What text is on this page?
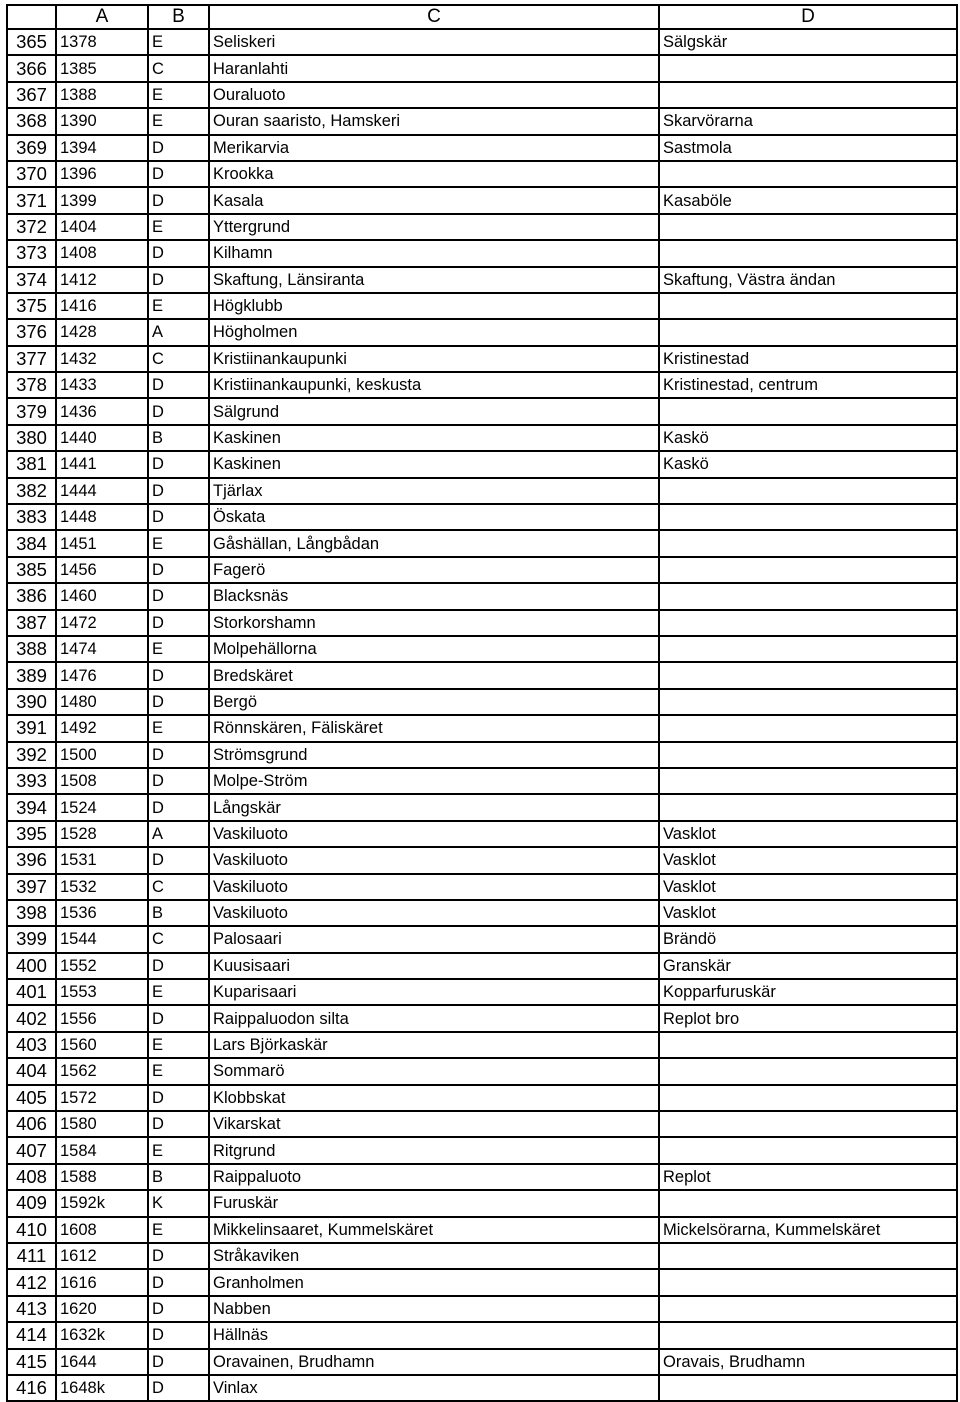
	A	B	C	D
365	1378	E	Seliskeri	Sälgskär
366	1385	C	Haranlahti	
367	1388	E	Ouraluoto	
368	1390	E	Ouran saaristo, Hamskeri	Skarvörarna
369	1394	D	Merikarvia	Sastmola
370	1396	D	Krookka	
371	1399	D	Kasala	Kasaböle
372	1404	E	Yttergrund	
373	1408	D	Kilhamn	
374	1412	D	Skaftung, Länsiranta	Skaftung, Västra ändan
375	1416	E	Högklubb	
376	1428	A	Högholmen	
377	1432	C	Kristiinankaupunki	Kristinestad
378	1433	D	Kristiinankaupunki, keskusta	Kristinestad, centrum
379	1436	D	Sälgrund	
380	1440	B	Kaskinen	Kaskö
381	1441	D	Kaskinen	Kaskö
382	1444	D	Tjärlax	
383	1448	D	Öskata	
384	1451	E	Gåshällan, Långbådan	
385	1456	D	Fagerö	
386	1460	D	Blacksnäs	
387	1472	D	Storkorshamn	
388	1474	E	Molpehällorna	
389	1476	D	Bredskäret	
390	1480	D	Bergö	
391	1492	E	Rönnskären, Fäliskäret	
392	1500	D	Strömsgrund	
393	1508	D	Molpe-Ström	
394	1524	D	Långskär	
395	1528	A	Vaskiluoto	Vasklot
396	1531	D	Vaskiluoto	Vasklot
397	1532	C	Vaskiluoto	Vasklot
398	1536	B	Vaskiluoto	Vasklot
399	1544	C	Palosaari	Brändö
400	1552	D	Kuusisaari	Granskär
401	1553	E	Kuparisaari	Kopparfuruskär
402	1556	D	Raippaluodon silta	Replot bro
403	1560	E	Lars Björkaskär	
404	1562	E	Sommarö	
405	1572	D	Klobbskat	
406	1580	D	Vikarskat	
407	1584	E	Ritgrund	
408	1588	B	Raippaluoto	Replot
409	1592k	K	Furuskär	
410	1608	E	Mikkelinsaaret, Kummelskäret	Mickelsörarna, Kummelskäret
411	1612	D	Stråkaviken	
412	1616	D	Granholmen	
413	1620	D	Nabben	
414	1632k	D	Hällnäs	
415	1644	D	Oravainen, Brudhamn	Oravais, Brudhamn
416	1648k	D	Vinlax	
